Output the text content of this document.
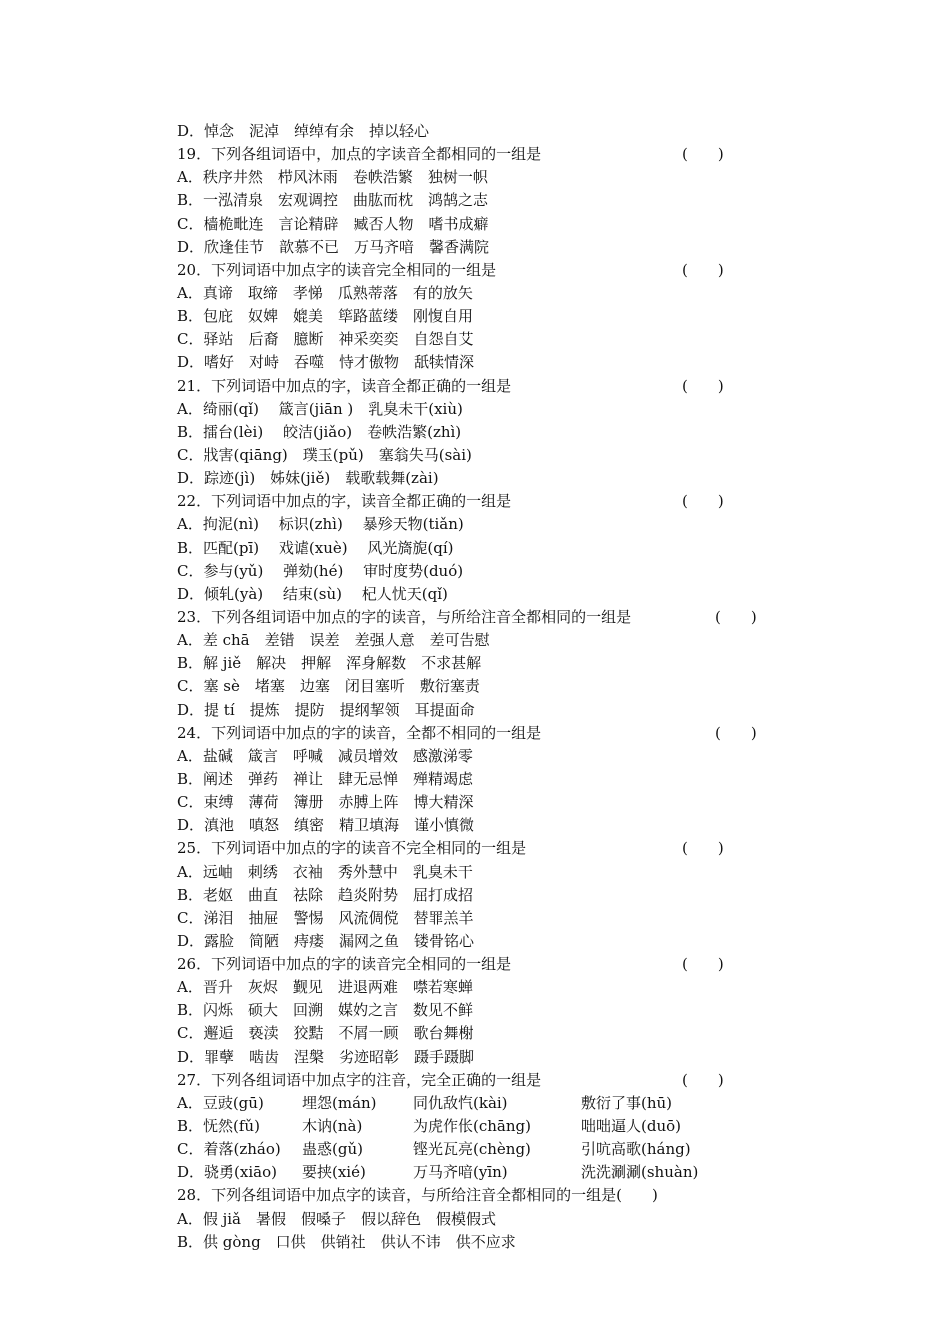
D．悼念　泥淖　绰绰有余　掉以轻心
19．下列各组词语中，加点的字读音全都相同的一组是	(　　)
A．秩序井然　栉风沐雨　卷帙浩繁　独树一帜
B．一泓清泉　宏观调控　曲肱而枕　鸿鹄之志
C．樯桅毗连　言论精辟　臧否人物　嗜书成癖
D．欣逢佳节　歆慕不已　万马齐喑　馨香满院
20．下列词语中加点字的读音完全相同的一组是	(　　)
A．真谛　取缔　孝悌　瓜熟蒂落　有的放矢
B．包庇　奴婢　媲美　筚路蓝缕　刚愎自用
C．驿站　后裔　臆断　神采奕奕　自怨自艾
D．嗜好　对峙　吞噬　恃才傲物　舐犊情深
21．下列词语中加点的字，读音全都正确的一组是	(　　)
A．绮丽(qǐ)　 箴言(jiān )　乳臭未干(xiù)
B．擂台(lèi)　 皎洁(jiǎo)　卷帙浩繁(zhì)
C．戕害(qiāng)　璞玉(pǔ)　塞翁失马(sài)
D．踪迹(jì)　姊妹(jiě)　载歌载舞(zài)
22．下列词语中加点的字，读音全都正确的一组是	(　　)
A．拘泥(nì)　 标识(zhì)　 暴殄天物(tiǎn)
B．匹配(pī)　 戏谑(xuè)　 风光旖旎(qí)
C．参与(yǔ)　 弹劾(hé)　 审时度势(duó)
D．倾轧(yà)　 结束(sù)　 杞人忧天(qǐ)
23．下列各组词语中加点的字的读音，与所给注音全都相同的一组是	(　　)
A．差 chā　差错　误差　差强人意　差可告慰
B．解 jiě　解决　押解　浑身解数　不求甚解
C．塞 sè　堵塞　边塞　闭目塞听　敷衍塞责
D．提 tí　提炼　提防　提纲挈领　耳提面命
24．下列词语中加点的字的读音，全都不相同的一组是	(　　)
A．盐碱　箴言　呼喊　减员增效　感激涕零
B．阐述　弹药　禅让　肆无忌惮　殚精竭虑
C．束缚　薄荷　簿册　赤膊上阵　博大精深
D．滇池　嗔怒　缜密　精卫填海　谨小慎微
25．下列词语中加点的字的读音不完全相同的一组是	(　　)
A．远岫　刺绣　衣袖　秀外慧中　乳臭未干
B．老妪　曲直　祛除　趋炎附势　屈打成招
C．涕泪　抽屉　警惕　风流倜傥　替罪羔羊
D．露脸　简陋　痔瘘　漏网之鱼　镂骨铭心
26．下列词语中加点的字的读音完全相同的一组是	(　　)
A．晋升　灰烬　觐见　进退两难　噤若寒蝉
B．闪烁　硕大　回溯　媒妁之言　数见不鲜
C．邂逅　亵渎　狡黠　不屑一顾　歌台舞榭
D．罪孽　啮齿　涅槃　劣迹昭彰　蹑手蹑脚
27．下列各组词语中加点字的注音，完全正确的一组是	(　　)
A．豆豉(gū)	埋怨(mán) 同仇敌忾(kài)	敷衍了事(hū)
B．怃然(fǔ)	木讷(nà)	为虎作伥(chāng)	咄咄逼人(duō)
C．着落(zháo) 蛊惑(gǔ)	铿光瓦亮(chèng)	引吭高歌(háng)
D．骁勇(xiāo) 要挟(xié)	万马齐喑(yīn)	洗洗涮涮(shuàn)
28．下列各组词语中加点字的读音，与所给注音全都相同的一组是(　　)
A．假 jiǎ　暑假　假嗓子　假以辞色　假模假式
B．供 gòng　口供　供销社　供认不讳　供不应求
